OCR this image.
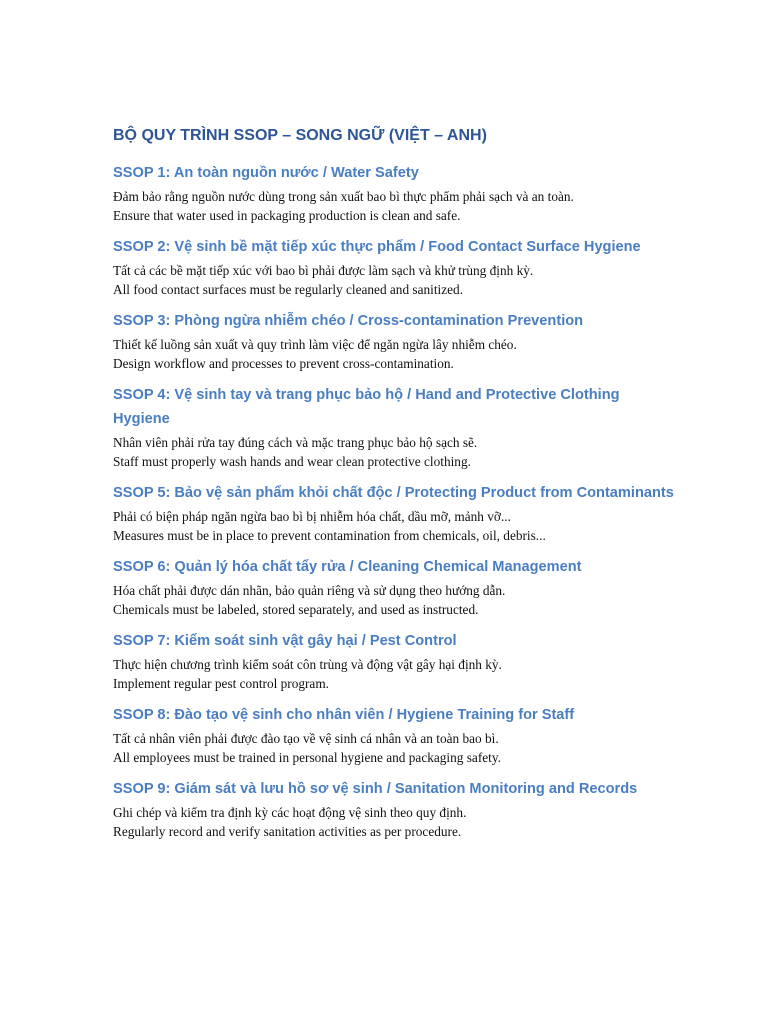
BỘ QUY TRÌNH SSOP – SONG NGỮ (VIỆT – ANH)
SSOP 1: An toàn nguồn nước / Water Safety

Đảm bảo rằng nguồn nước dùng trong sản xuất bao bì thực phẩm phải sạch và an toàn.

Ensure that water used in packaging production is clean and safe.

SSOP 2: Vệ sinh bề mặt tiếp xúc thực phẩm / Food Contact Surface Hygiene

Tất cả các bề mặt tiếp xúc với bao bì phải được làm sạch và khử trùng định kỳ.

All food contact surfaces must be regularly cleaned and sanitized.

SSOP 3: Phòng ngừa nhiễm chéo / Cross-contamination Prevention

Thiết kế luồng sản xuất và quy trình làm việc để ngăn ngừa lây nhiễm chéo.

Design workflow and processes to prevent cross-contamination.

SSOP 4: Vệ sinh tay và trang phục bảo hộ / Hand and Protective Clothing Hygiene

Nhân viên phải rửa tay đúng cách và mặc trang phục bảo hộ sạch sẽ.

Staff must properly wash hands and wear clean protective clothing.

SSOP 5: Bảo vệ sản phẩm khỏi chất độc / Protecting Product from Contaminants

Phải có biện pháp ngăn ngừa bao bì bị nhiễm hóa chất, dầu mỡ, mảnh vỡ...

Measures must be in place to prevent contamination from chemicals, oil, debris...

SSOP 6: Quản lý hóa chất tẩy rửa / Cleaning Chemical Management

Hóa chất phải được dán nhãn, bảo quản riêng và sử dụng theo hướng dẫn.

Chemicals must be labeled, stored separately, and used as instructed.

SSOP 7: Kiểm soát sinh vật gây hại / Pest Control

Thực hiện chương trình kiểm soát côn trùng và động vật gây hại định kỳ.

Implement regular pest control program.

SSOP 8: Đào tạo vệ sinh cho nhân viên / Hygiene Training for Staff

Tất cả nhân viên phải được đào tạo về vệ sinh cá nhân và an toàn bao bì.

All employees must be trained in personal hygiene and packaging safety.

SSOP 9: Giám sát và lưu hồ sơ vệ sinh / Sanitation Monitoring and Records

Ghi chép và kiểm tra định kỳ các hoạt động vệ sinh theo quy định.

Regularly record and verify sanitation activities as per procedure.
